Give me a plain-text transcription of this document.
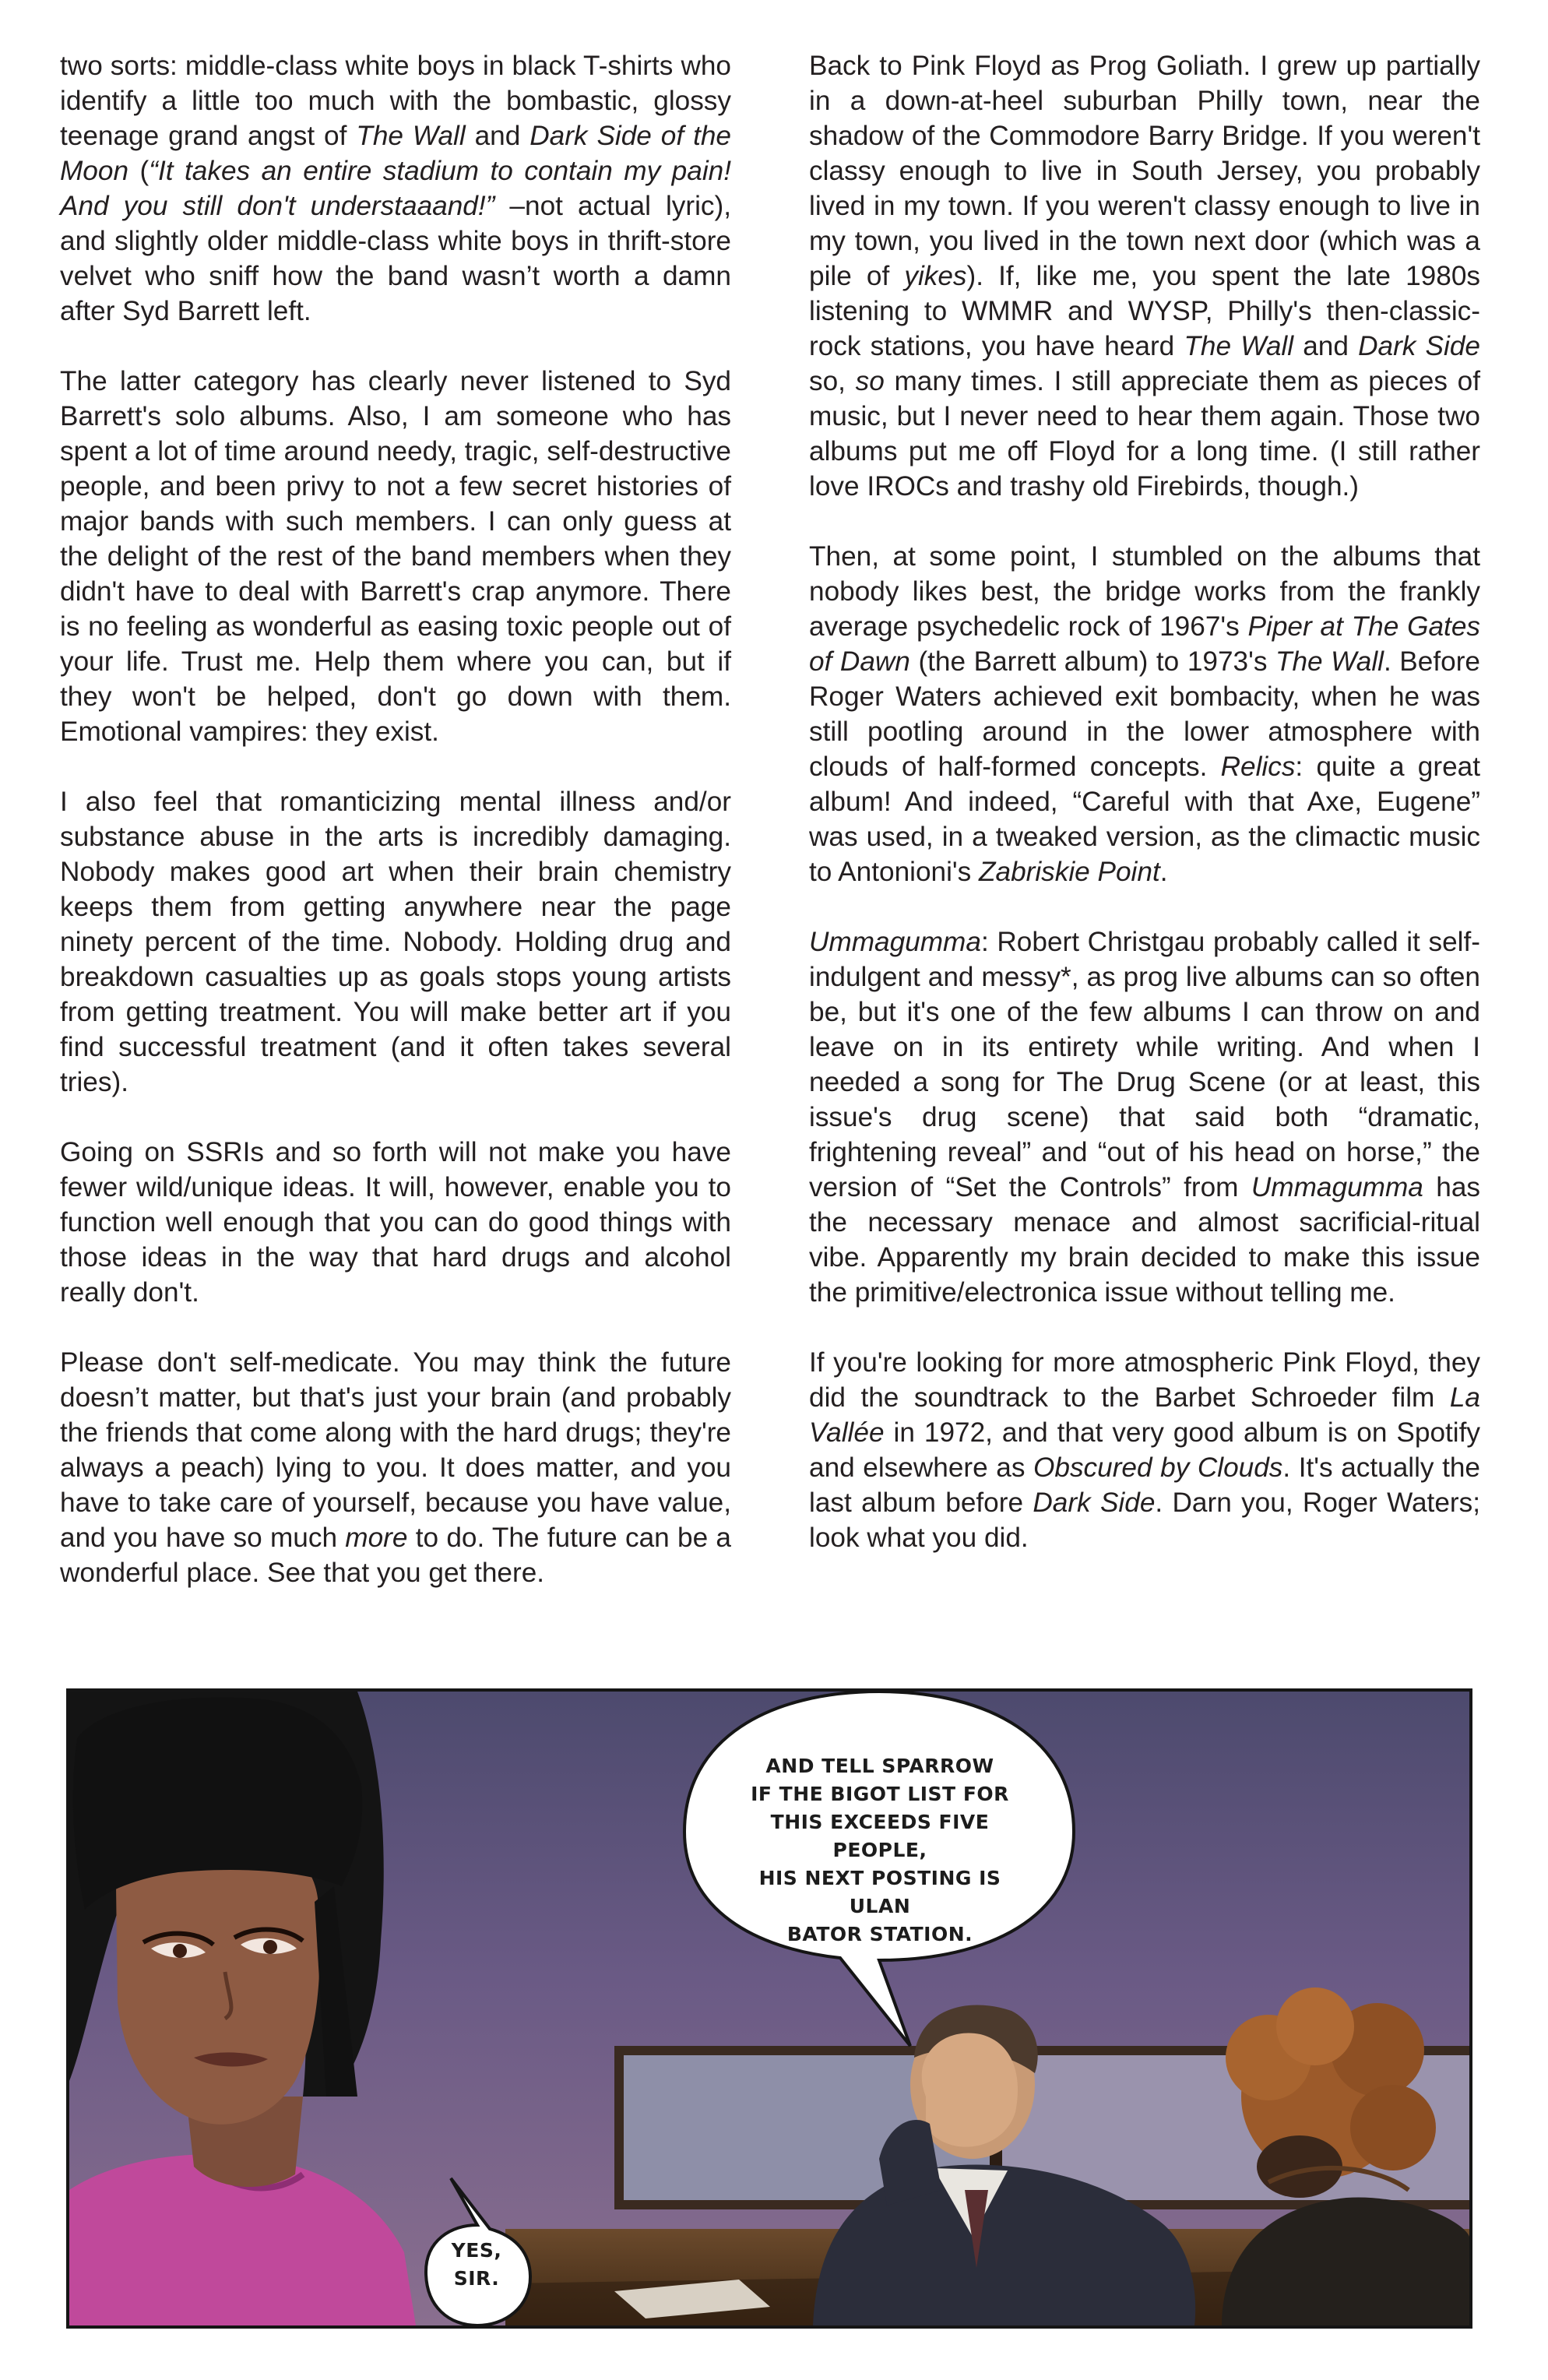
two sorts: middle-class white boys in black T-shirts who identify a little too much with the bombastic, glossy teenage grand angst of The Wall and Dark Side of the Moon (“It takes an entire stadium to contain my pain! And you still don't understaaand!” –not actual lyric), and slightly older middle-class white boys in thrift-store velvet who sniff how the band wasn’t worth a damn after Syd Barrett left.

The latter category has clearly never listened to Syd Barrett's solo albums. Also, I am someone who has spent a lot of time around needy, tragic, self-destructive people, and been privy to not a few secret histories of major bands with such members. I can only guess at the delight of the rest of the band members when they didn't have to deal with Barrett's crap anymore. There is no feeling as wonderful as easing toxic people out of your life. Trust me. Help them where you can, but if they won't be helped, don't go down with them. Emotional vampires: they exist.

I also feel that romanticizing mental illness and/or substance abuse in the arts is incredibly damaging. Nobody makes good art when their brain chemistry keeps them from getting anywhere near the page ninety percent of the time. Nobody. Holding drug and breakdown casualties up as goals stops young artists from getting treatment. You will make better art if you find successful treatment (and it often takes several tries).

Going on SSRIs and so forth will not make you have fewer wild/unique ideas. It will, however, enable you to function well enough that you can do good things with those ideas in the way that hard drugs and alcohol really don't.

Please don't self-medicate. You may think the future doesn’t matter, but that's just your brain (and probably the friends that come along with the hard drugs; they're always a peach) lying to you. It does matter, and you have to take care of yourself, because you have value, and you have so much more to do. The future can be a wonderful place. See that you get there.

Back to Pink Floyd as Prog Goliath. I grew up partially in a down-at-heel suburban Philly town, near the shadow of the Commodore Barry Bridge. If you weren't classy enough to live in South Jersey, you probably lived in my town. If you weren't classy enough to live in my town, you lived in the town next door (which was a pile of yikes). If, like me, you spent the late 1980s listening to WMMR and WYSP, Philly's then-classic-rock stations, you have heard The Wall and Dark Side so, so many times. I still appreciate them as pieces of music, but I never need to hear them again. Those two albums put me off Floyd for a long time. (I still rather love IROCs and trashy old Firebirds, though.)

Then, at some point, I stumbled on the albums that nobody likes best, the bridge works from the frankly average psychedelic rock of 1967's Piper at The Gates of Dawn (the Barrett album) to 1973's The Wall. Before Roger Waters achieved exit bombacity, when he was still pootling around in the lower atmosphere with clouds of half-formed concepts. Relics: quite a great album! And indeed, “Careful with that Axe, Eugene” was used, in a tweaked version, as the climactic music to Antonioni's Zabriskie Point.

Ummagumma: Robert Christgau probably called it self-indulgent and messy*, as prog live albums can so often be, but it's one of the few albums I can throw on and leave on in its entirety while writing. And when I needed a song for The Drug Scene (or at least, this issue's drug scene) that said both “dramatic, frightening reveal” and “out of his head on horse,” the version of “Set the Controls” from Ummagumma has the necessary menace and almost sacrificial-ritual vibe. Apparently my brain decided to make this issue the primitive/electronica issue without telling me.

If you're looking for more atmospheric Pink Floyd, they did the soundtrack to the Barbet Schroeder film La Vallée in 1972, and that very good album is on Spotify and elsewhere as Obscured by Clouds. It's actually the last album before Dark Side. Darn you, Roger Waters; look what you did.

AND TELL SPARROW
IF THE BIGOT LIST FOR
THIS EXCEEDS FIVE PEOPLE,
HIS NEXT POSTING IS ULAN
BATOR STATION.
YES,
SIR.
